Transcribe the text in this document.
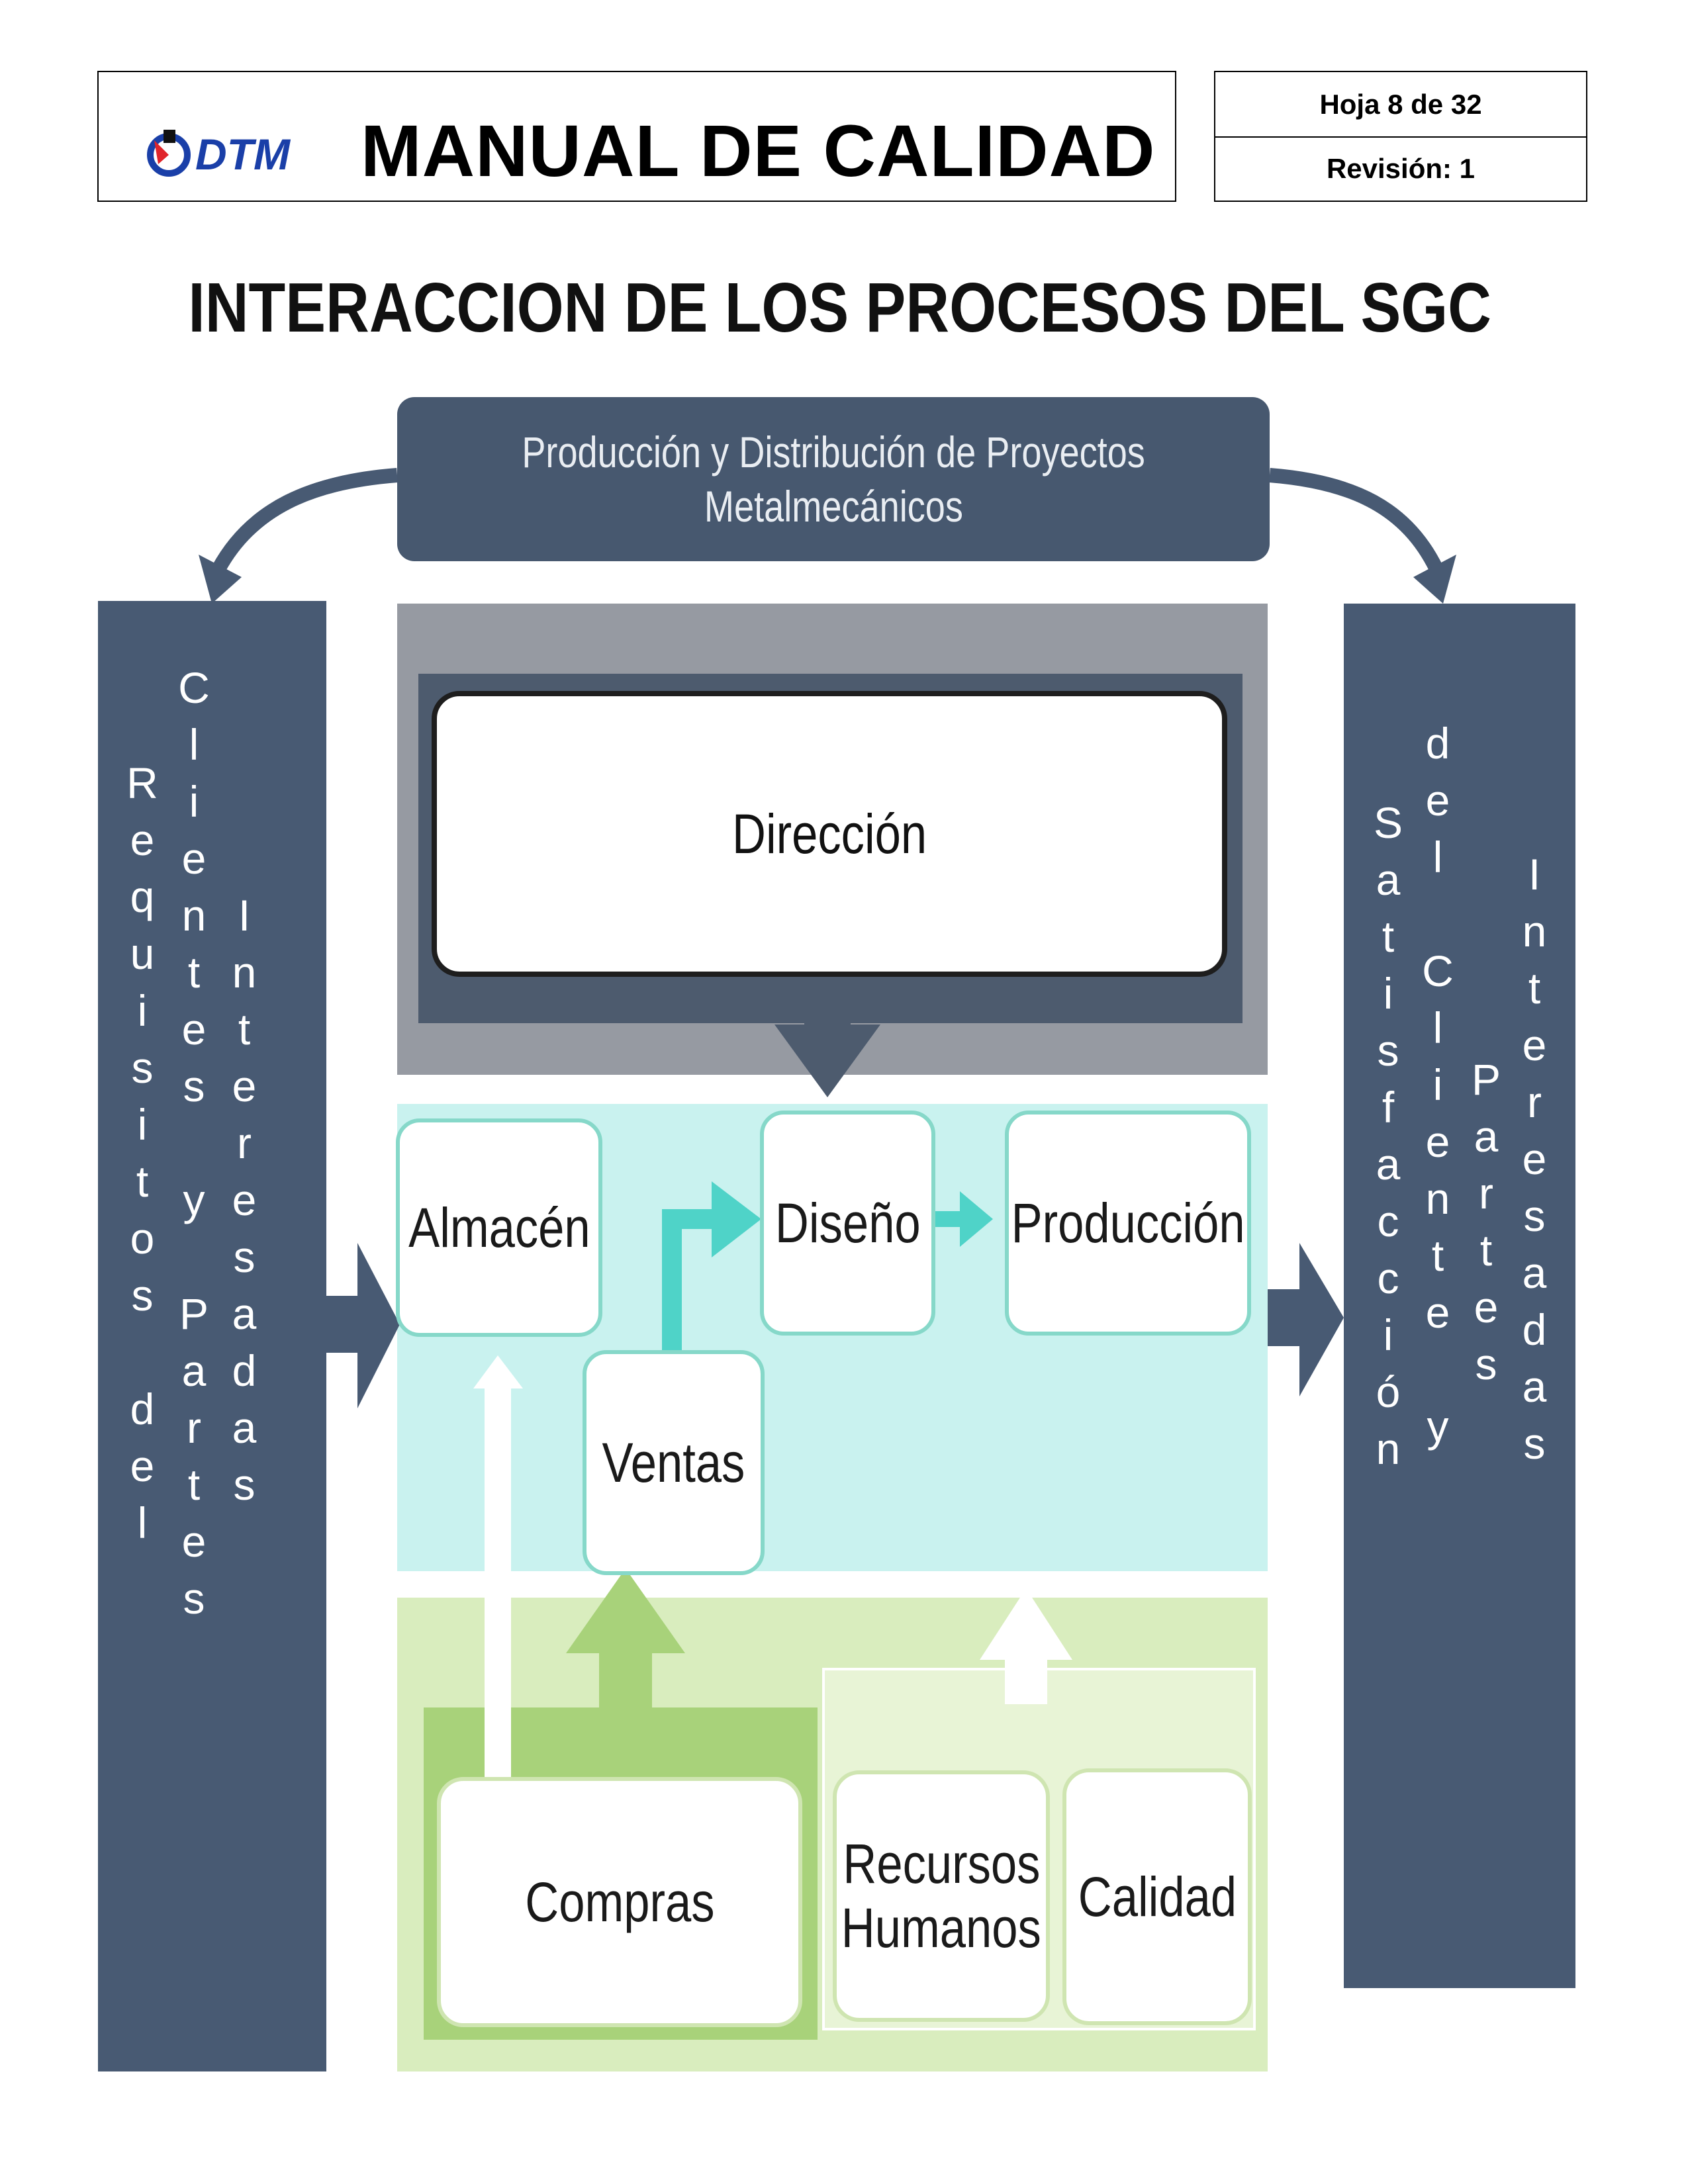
DTM MANUAL DE CALIDAD
Hoja 8 de 32
Revisión: 1
INTERACCION DE LOS PROCESOS DEL SGC
Producción y Distribución de Proyectos
Metalmecánicos
Dirección
Almacén
Ventas
Diseño Producción
Compras
Recursos
Humanos
Calidad
R
e
q
u
i
s
i
t
o
s

d
e
l
C
l
i
e
n
t
e
s

y

P
a
r
t
e
s
I
n
t
e
r
e
s
a
d
a
s
S
a
t
i
s
f
a
c
c
i
ó
n
d
e
l

C
l
i
e
n
t
e

y
P
a
r
t
e
s
I
n
t
e
r
e
s
a
d
a
s
